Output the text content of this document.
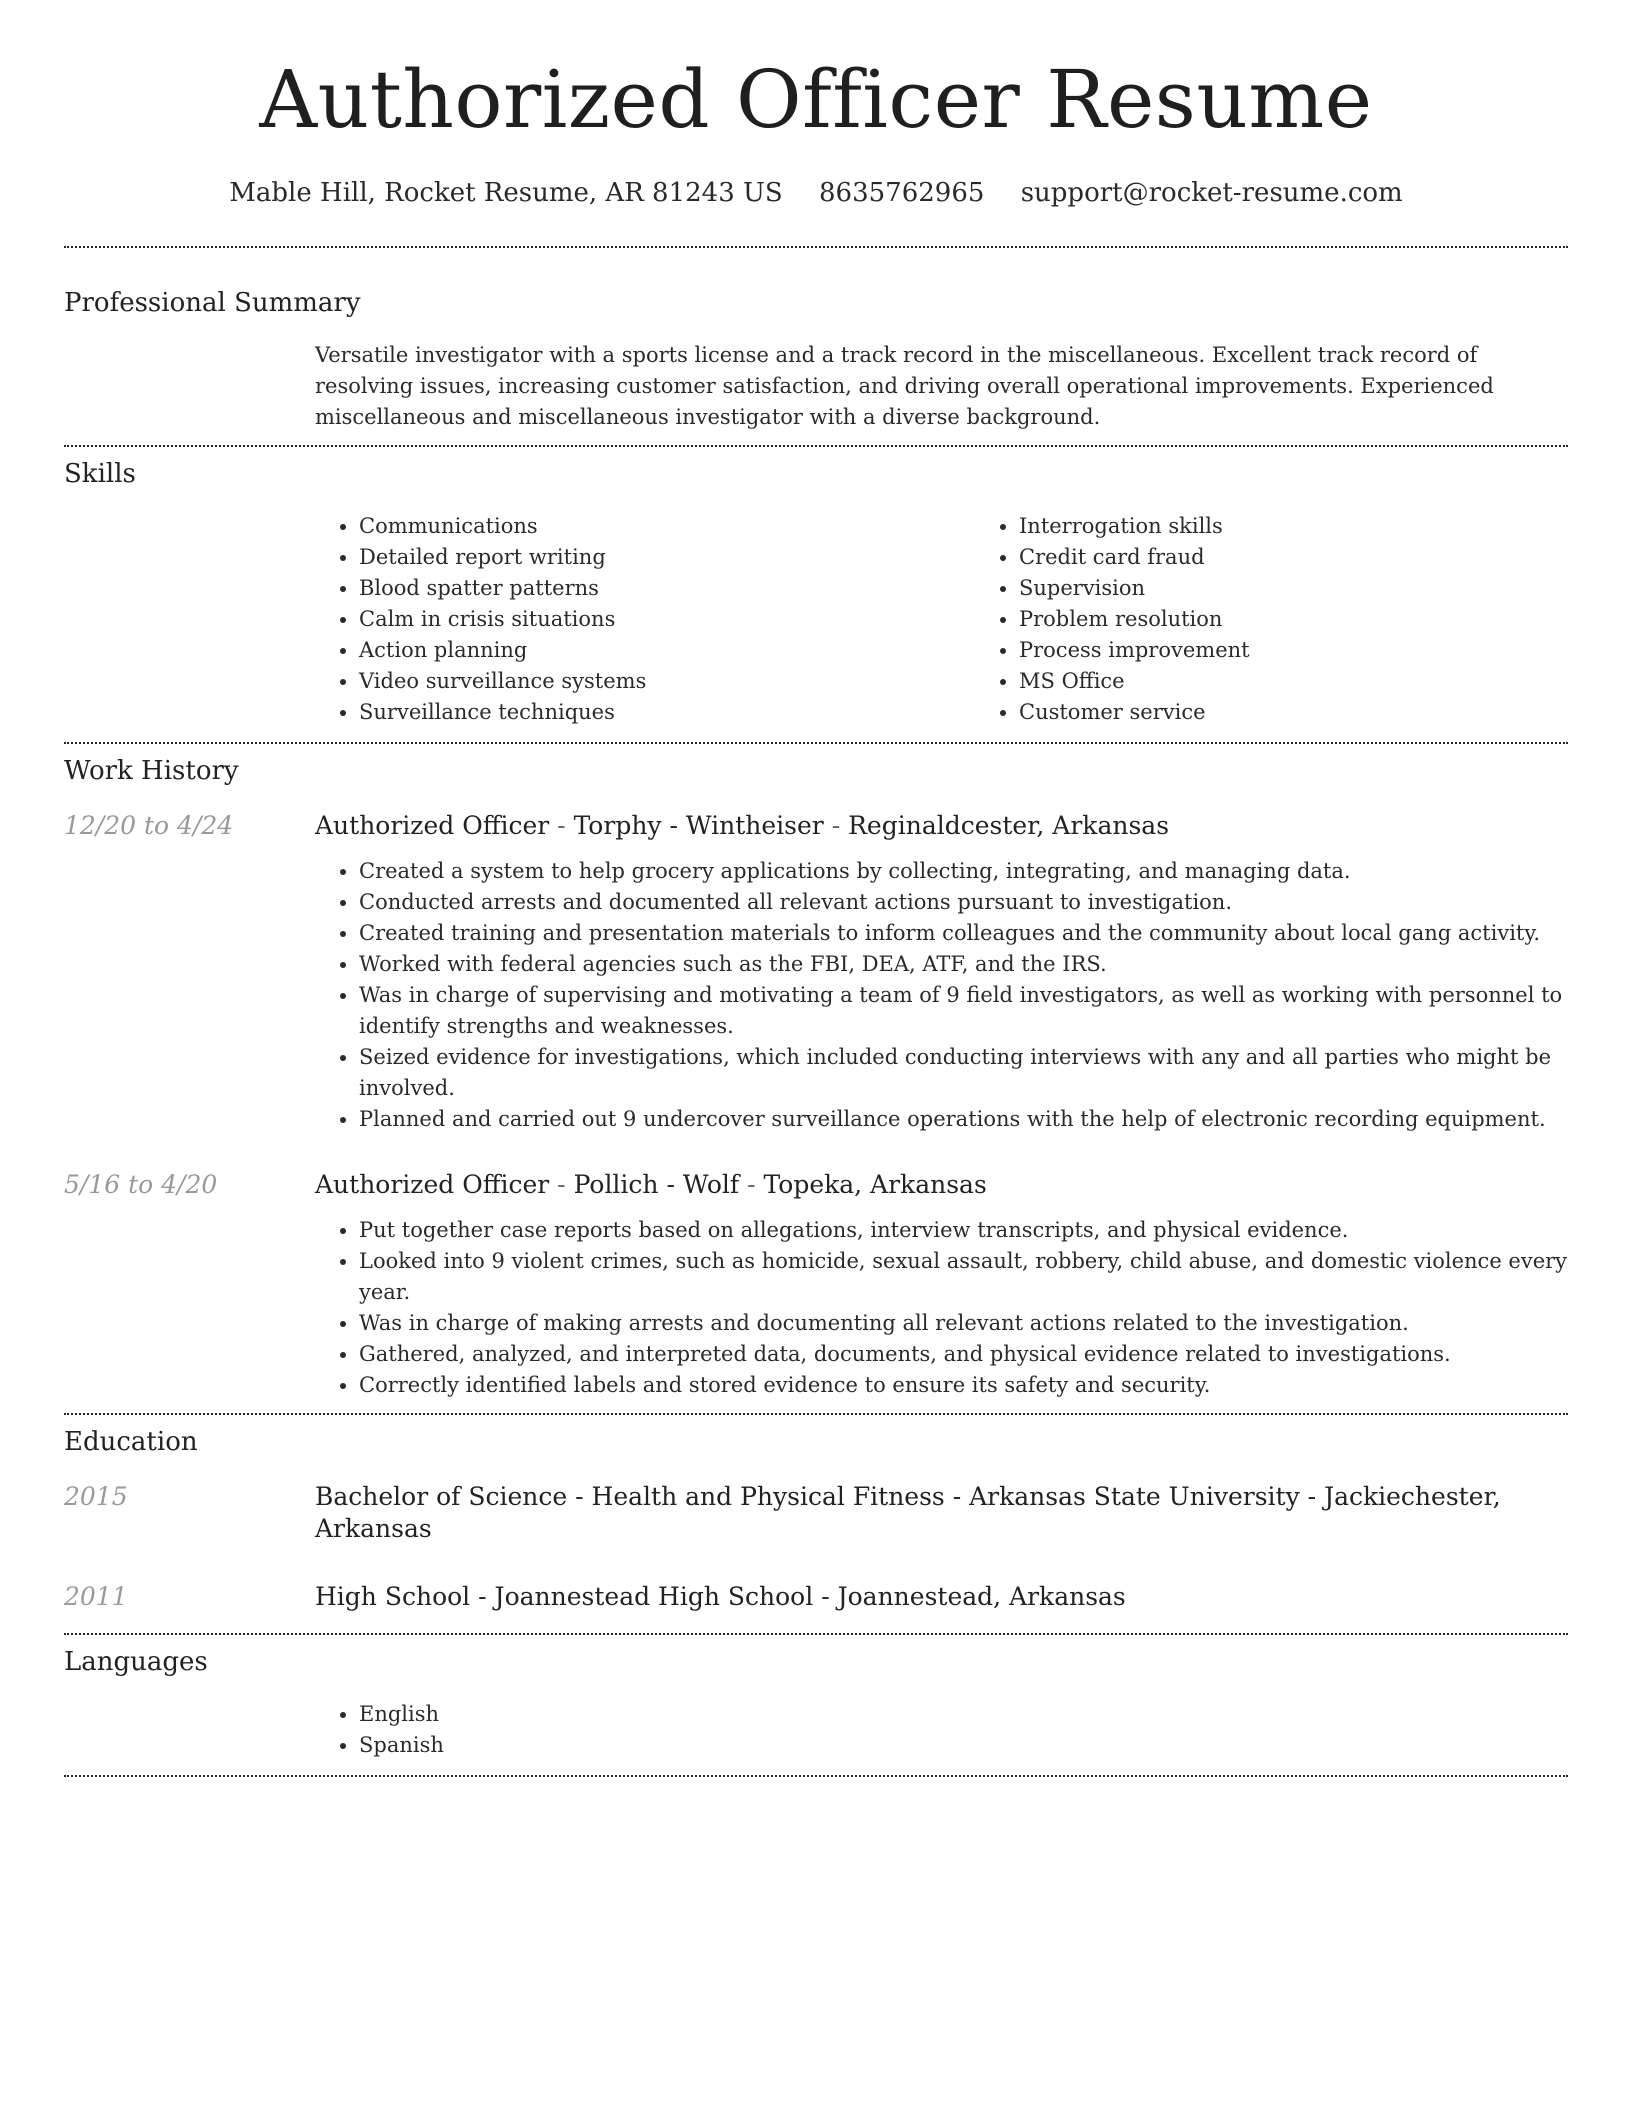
Authorized Officer Resume
Mable Hill, Rocket Resume, AR 81243 US 8635762965 support@rocket-resume.com
Professional Summary

Versatile investigator with a sports license and a track record in the miscellaneous. Excellent track record of resolving issues, increasing customer satisfaction, and driving overall operational improvements. Experienced miscellaneous and miscellaneous investigator with a diverse background.

Skills
• Communications
• Detailed report writing
• Blood spatter patterns
• Calm in crisis situations
• Action planning
• Video surveillance systems
• Surveillance techniques
• Interrogation skills
• Credit card fraud
• Supervision
• Problem resolution
• Process improvement
• MS Office
• Customer service
Work History
12/20 to 4/24	Authorized Officer - Torphy - Wintheiser - Reginaldcester, Arkansas
• Created a system to help grocery applications by collecting, integrating, and managing data.
• Conducted arrests and documented all relevant actions pursuant to investigation.
• Created training and presentation materials to inform colleagues and the community about local gang activity.
• Worked with federal agencies such as the FBI, DEA, ATF, and the IRS.
• Was in charge of supervising and motivating a team of 9 field investigators, as well as working with personnel to identify strengths and weaknesses.
• Seized evidence for investigations, which included conducting interviews with any and all parties who might be involved.
• Planned and carried out 9 undercover surveillance operations with the help of electronic recording equipment.
5/16 to 4/20	Authorized Officer - Pollich - Wolf - Topeka, Arkansas
• Put together case reports based on allegations, interview transcripts, and physical evidence.
• Looked into 9 violent crimes, such as homicide, sexual assault, robbery, child abuse, and domestic violence every year.
• Was in charge of making arrests and documenting all relevant actions related to the investigation.
• Gathered, analyzed, and interpreted data, documents, and physical evidence related to investigations.
• Correctly identified labels and stored evidence to ensure its safety and security.
Education
2015	Bachelor of Science - Health and Physical Fitness - Arkansas State University - Jackiechester, Arkansas
2011	High School - Joannestead High School - Joannestead, Arkansas
Languages
• English
• Spanish
